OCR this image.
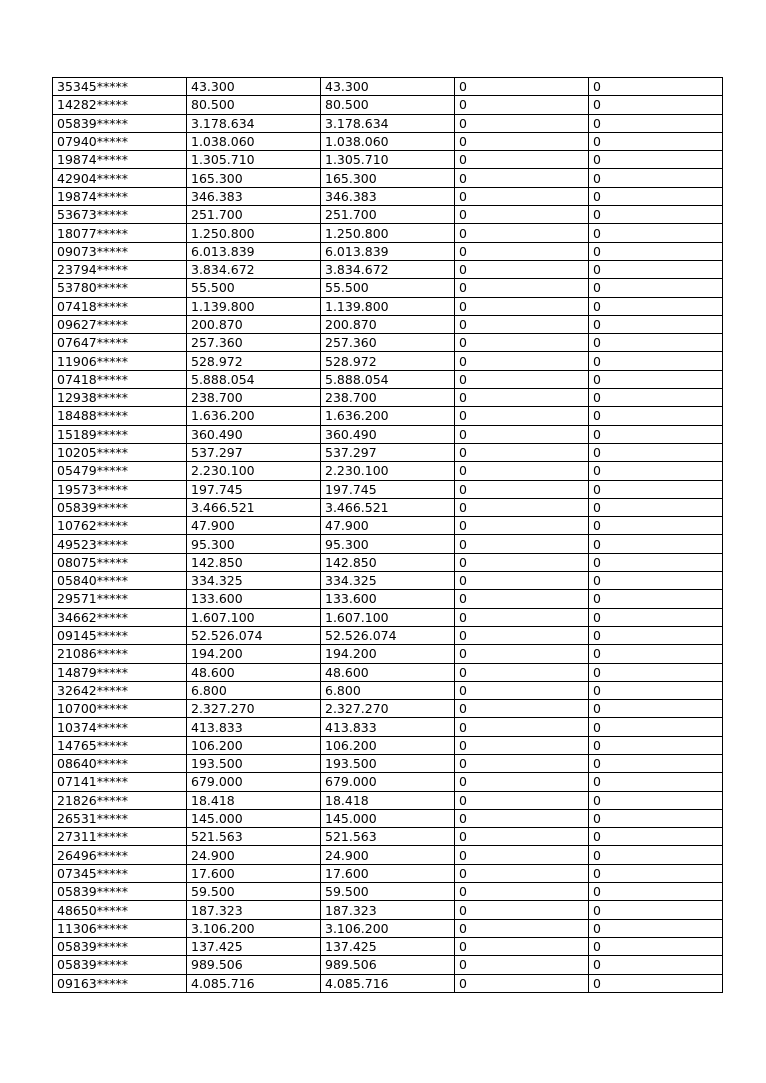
35345*****	43.300	43.300	0	0
14282*****	80.500	80.500	0	0
05839*****	3.178.634	3.178.634	0	0
07940*****	1.038.060	1.038.060	0	0
19874*****	1.305.710	1.305.710	0	0
42904*****	165.300	165.300	0	0
19874*****	346.383	346.383	0	0
53673*****	251.700	251.700	0	0
18077*****	1.250.800	1.250.800	0	0
09073*****	6.013.839	6.013.839	0	0
23794*****	3.834.672	3.834.672	0	0
53780*****	55.500	55.500	0	0
07418*****	1.139.800	1.139.800	0	0
09627*****	200.870	200.870	0	0
07647*****	257.360	257.360	0	0
11906*****	528.972	528.972	0	0
07418*****	5.888.054	5.888.054	0	0
12938*****	238.700	238.700	0	0
18488*****	1.636.200	1.636.200	0	0
15189*****	360.490	360.490	0	0
10205*****	537.297	537.297	0	0
05479*****	2.230.100	2.230.100	0	0
19573*****	197.745	197.745	0	0
05839*****	3.466.521	3.466.521	0	0
10762*****	47.900	47.900	0	0
49523*****	95.300	95.300	0	0
08075*****	142.850	142.850	0	0
05840*****	334.325	334.325	0	0
29571*****	133.600	133.600	0	0
34662*****	1.607.100	1.607.100	0	0
09145*****	52.526.074	52.526.074	0	0
21086*****	194.200	194.200	0	0
14879*****	48.600	48.600	0	0
32642*****	6.800	6.800	0	0
10700*****	2.327.270	2.327.270	0	0
10374*****	413.833	413.833	0	0
14765*****	106.200	106.200	0	0
08640*****	193.500	193.500	0	0
07141*****	679.000	679.000	0	0
21826*****	18.418	18.418	0	0
26531*****	145.000	145.000	0	0
27311*****	521.563	521.563	0	0
26496*****	24.900	24.900	0	0
07345*****	17.600	17.600	0	0
05839*****	59.500	59.500	0	0
48650*****	187.323	187.323	0	0
11306*****	3.106.200	3.106.200	0	0
05839*****	137.425	137.425	0	0
05839*****	989.506	989.506	0	0
09163*****	4.085.716	4.085.716	0	0
